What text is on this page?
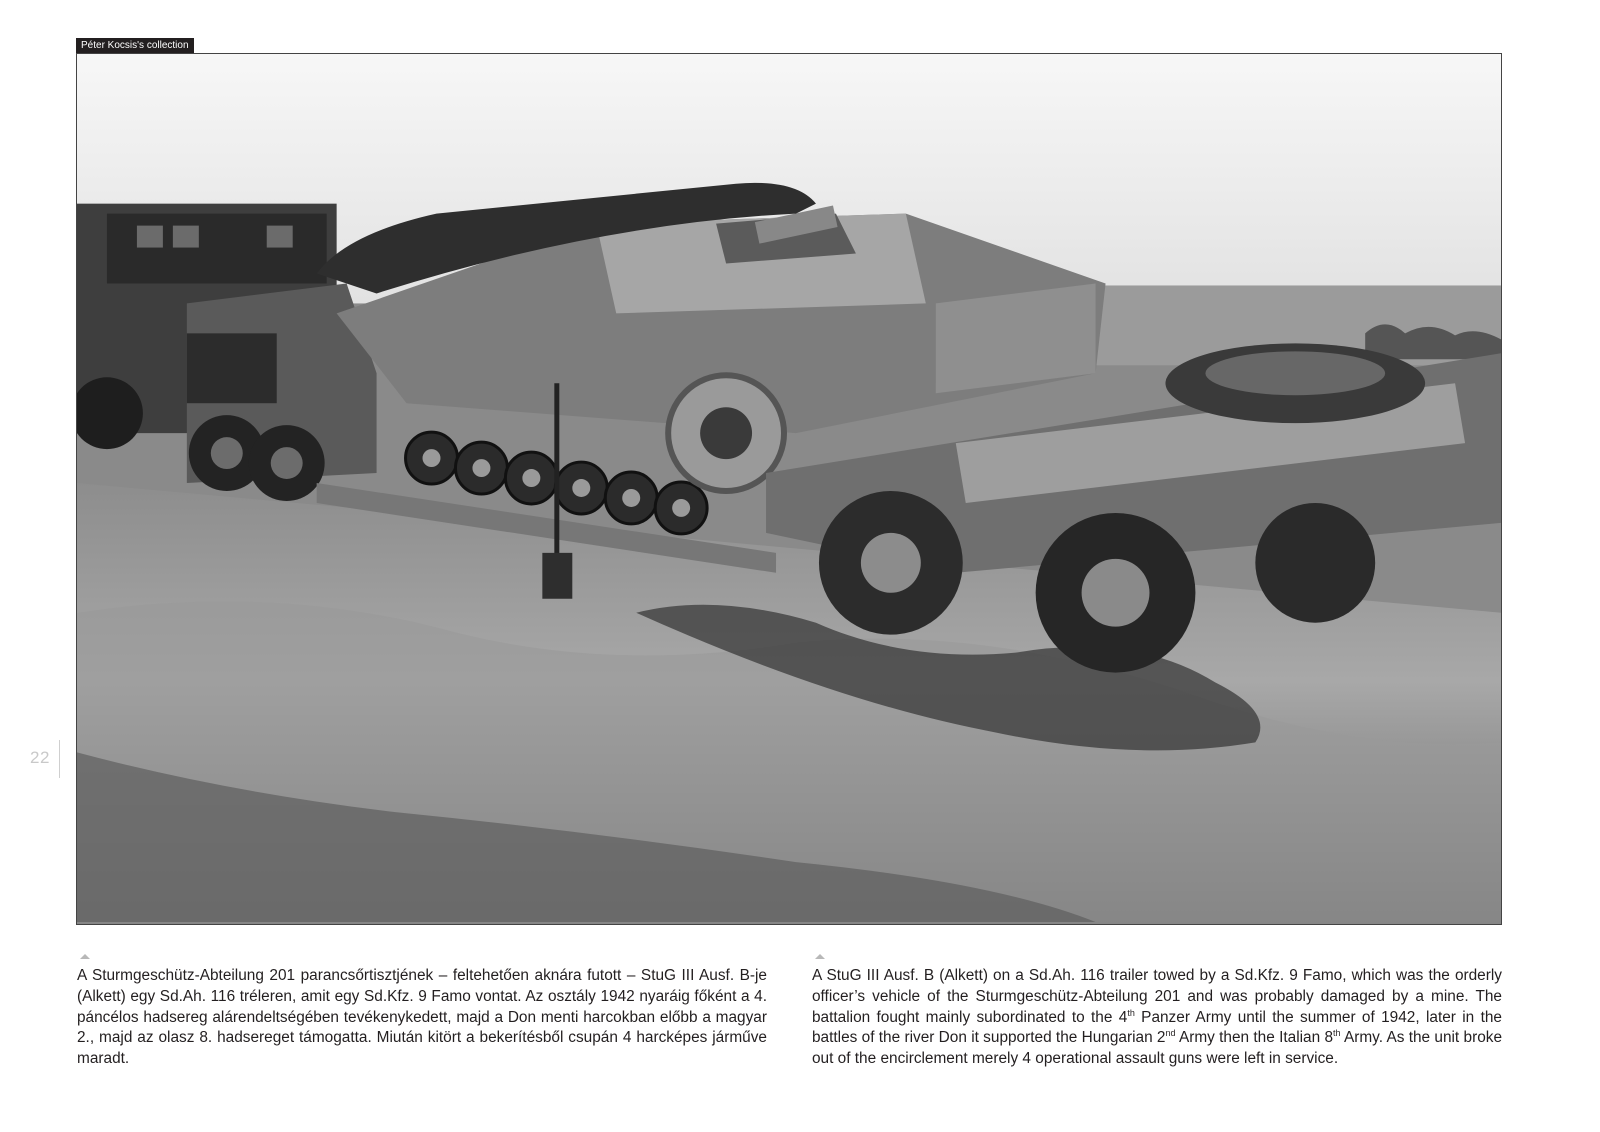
Péter Kocsis's collection
22
A Sturmgeschütz-Abteilung 201 parancsőrtisztjének – feltehetően aknára futott – StuG III Ausf. B-je (Alkett) egy Sd.Ah. 116 tréleren, amit egy Sd.Kfz. 9 Famo vontat. Az osztály 1942 nyaráig főként a 4. páncélos hadsereg alárendeltségében tevékenykedett, majd a Don menti harcokban előbb a magyar 2., majd az olasz 8. hadsereget támogatta. Miután kitört a bekerítésből csupán 4 harcképes járműve maradt.
A StuG III Ausf. B (Alkett) on a Sd.Ah. 116 trailer towed by a Sd.Kfz. 9 Famo, which was the orderly officer’s vehicle of the Sturmgeschütz-Abteilung 201 and was probably damaged by a mine. The battalion fought mainly subordinated to the 4th Panzer Army until the summer of 1942, later in the battles of the river Don it supported the Hungarian 2nd Army then the Italian 8th Army. As the unit broke out of the encirclement merely 4 operational assault guns were left in service.
